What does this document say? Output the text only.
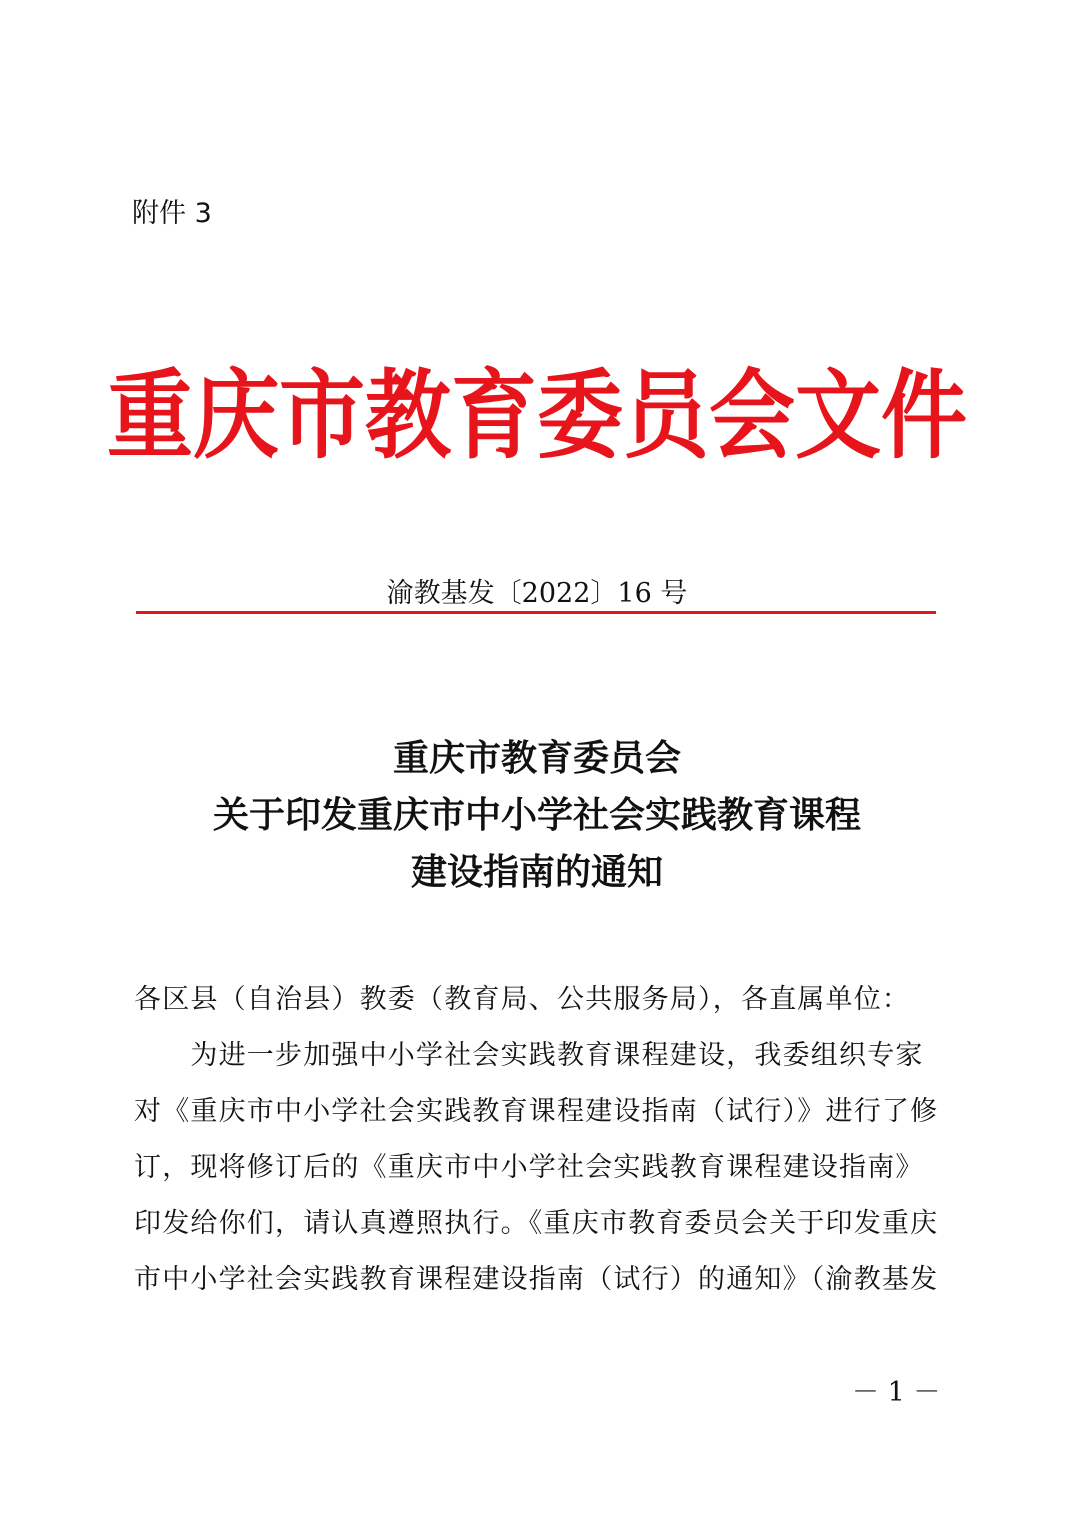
附件 3
重庆市教育委员会文件
渝教基发〔2022〕16 号
重庆市教育委员会
关于印发重庆市中小学社会实践教育课程
建设指南的通知
各区县（自治县）教委（教育局、公共服务局），各直属单位：
　　为进一步加强中小学社会实践教育课程建设，我委组织专家
对《重庆市中小学社会实践教育课程建设指南（试行）》进行了修
订，现将修订后的《重庆市中小学社会实践教育课程建设指南》
印发给你们，请认真遵照执行。《重庆市教育委员会关于印发重庆
市中小学社会实践教育课程建设指南（试行）的通知》（渝教基发
－ 1 －
